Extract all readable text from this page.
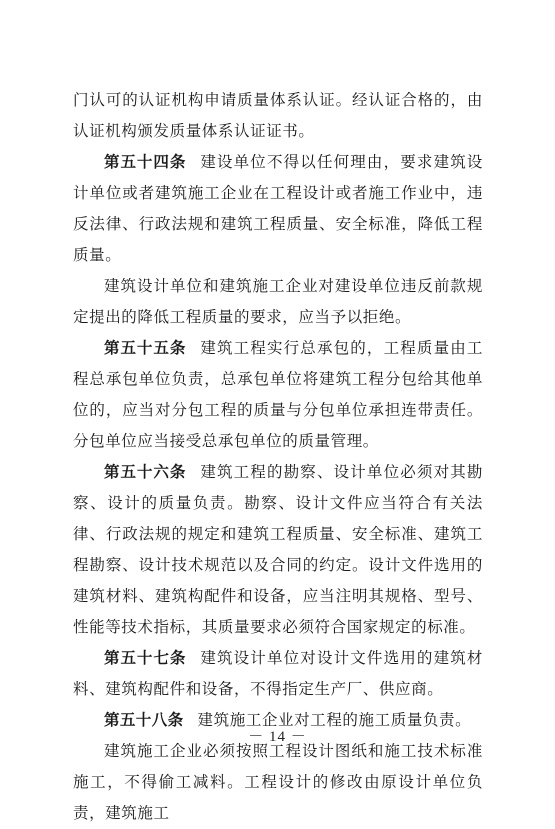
门认可的认证机构申请质量体系认证。经认证合格的，由认证机构颁发质量体系认证证书。

第五十四条 建设单位不得以任何理由，要求建筑设计单位或者建筑施工企业在工程设计或者施工作业中，违反法律、行政法规和建筑工程质量、安全标准，降低工程质量。

建筑设计单位和建筑施工企业对建设单位违反前款规定提出的降低工程质量的要求，应当予以拒绝。

第五十五条 建筑工程实行总承包的，工程质量由工程总承包单位负责，总承包单位将建筑工程分包给其他单位的，应当对分包工程的质量与分包单位承担连带责任。分包单位应当接受总承包单位的质量管理。

第五十六条 建筑工程的勘察、设计单位必须对其勘察、设计的质量负责。勘察、设计文件应当符合有关法律、行政法规的规定和建筑工程质量、安全标准、建筑工程勘察、设计技术规范以及合同的约定。设计文件选用的建筑材料、建筑构配件和设备，应当注明其规格、型号、性能等技术指标，其质量要求必须符合国家规定的标准。

第五十七条 建筑设计单位对设计文件选用的建筑材料、建筑构配件和设备，不得指定生产厂、供应商。

第五十八条 建筑施工企业对工程的施工质量负责。

建筑施工企业必须按照工程设计图纸和施工技术标准施工，不得偷工减料。工程设计的修改由原设计单位负责，建筑施工

－ 14 －
